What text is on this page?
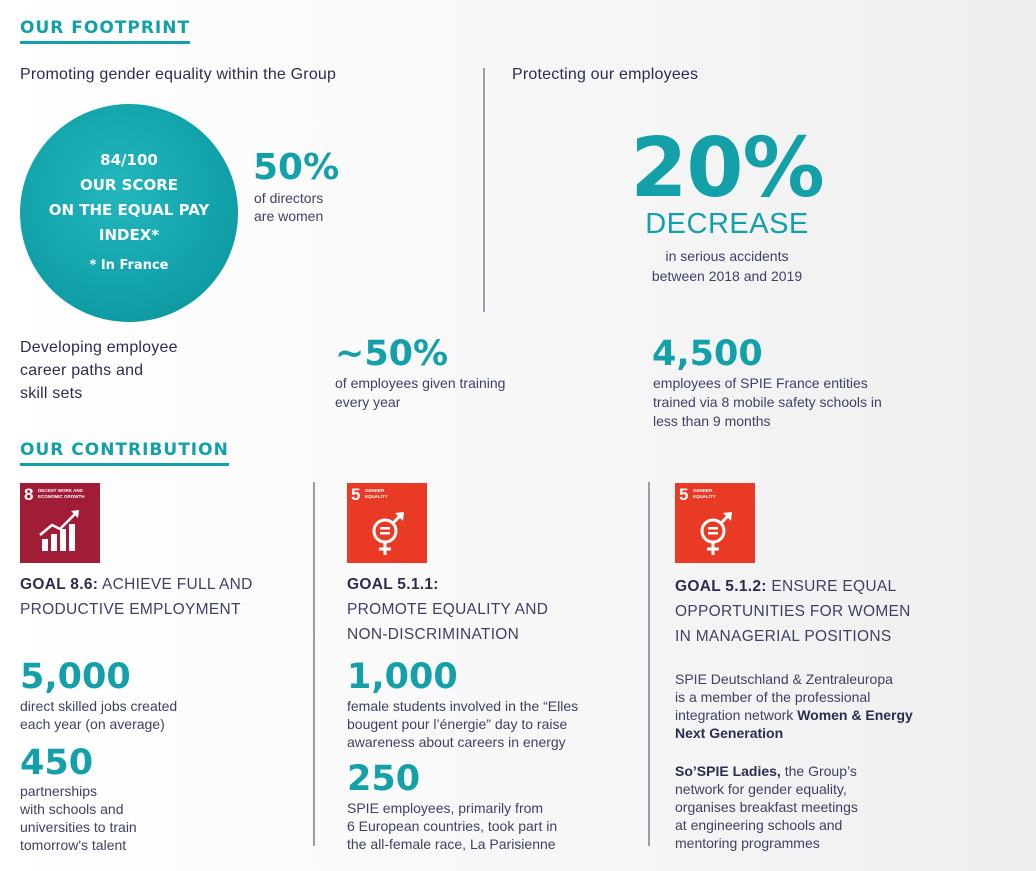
OUR FOOTPRINT
Promoting gender equality within the Group
84/100
OUR SCORE
ON THE EQUAL PAY
INDEX*
* In France
50%
of directors
are women
Protecting our employees
20%
DECREASE
in serious accidents
between 2018 and 2019
Developing employee
career paths and
skill sets
~50%
of employees given training
every year
4,500
employees of SPIE France entities
trained via 8 mobile safety schools in
less than 9 months
OUR CONTRIBUTION
8 DECENT WORK AND
ECONOMIC GROWTH
GOAL 8.6: ACHIEVE FULL AND
PRODUCTIVE EMPLOYMENT
5,000
direct skilled jobs created
each year (on average)
450
partnerships
with schools and
universities to train
tomorrow's talent
5 GENDER
EQUALITY
GOAL 5.1.1:
PROMOTE EQUALITY AND
NON-DISCRIMINATION
1,000
female students involved in the “Elles
bougent pour l’énergie” day to raise
awareness about careers in energy
250
SPIE employees, primarily from
6 European countries, took part in
the all-female race, La Parisienne
5 GENDER
EQUALITY
GOAL 5.1.2: ENSURE EQUAL
OPPORTUNITIES FOR WOMEN
IN MANAGERIAL POSITIONS
SPIE Deutschland & Zentraleuropa
is a member of the professional
integration network Women & Energy
Next Generation
So’SPIE Ladies, the Group’s
network for gender equality,
organises breakfast meetings
at engineering schools and
mentoring programmes
